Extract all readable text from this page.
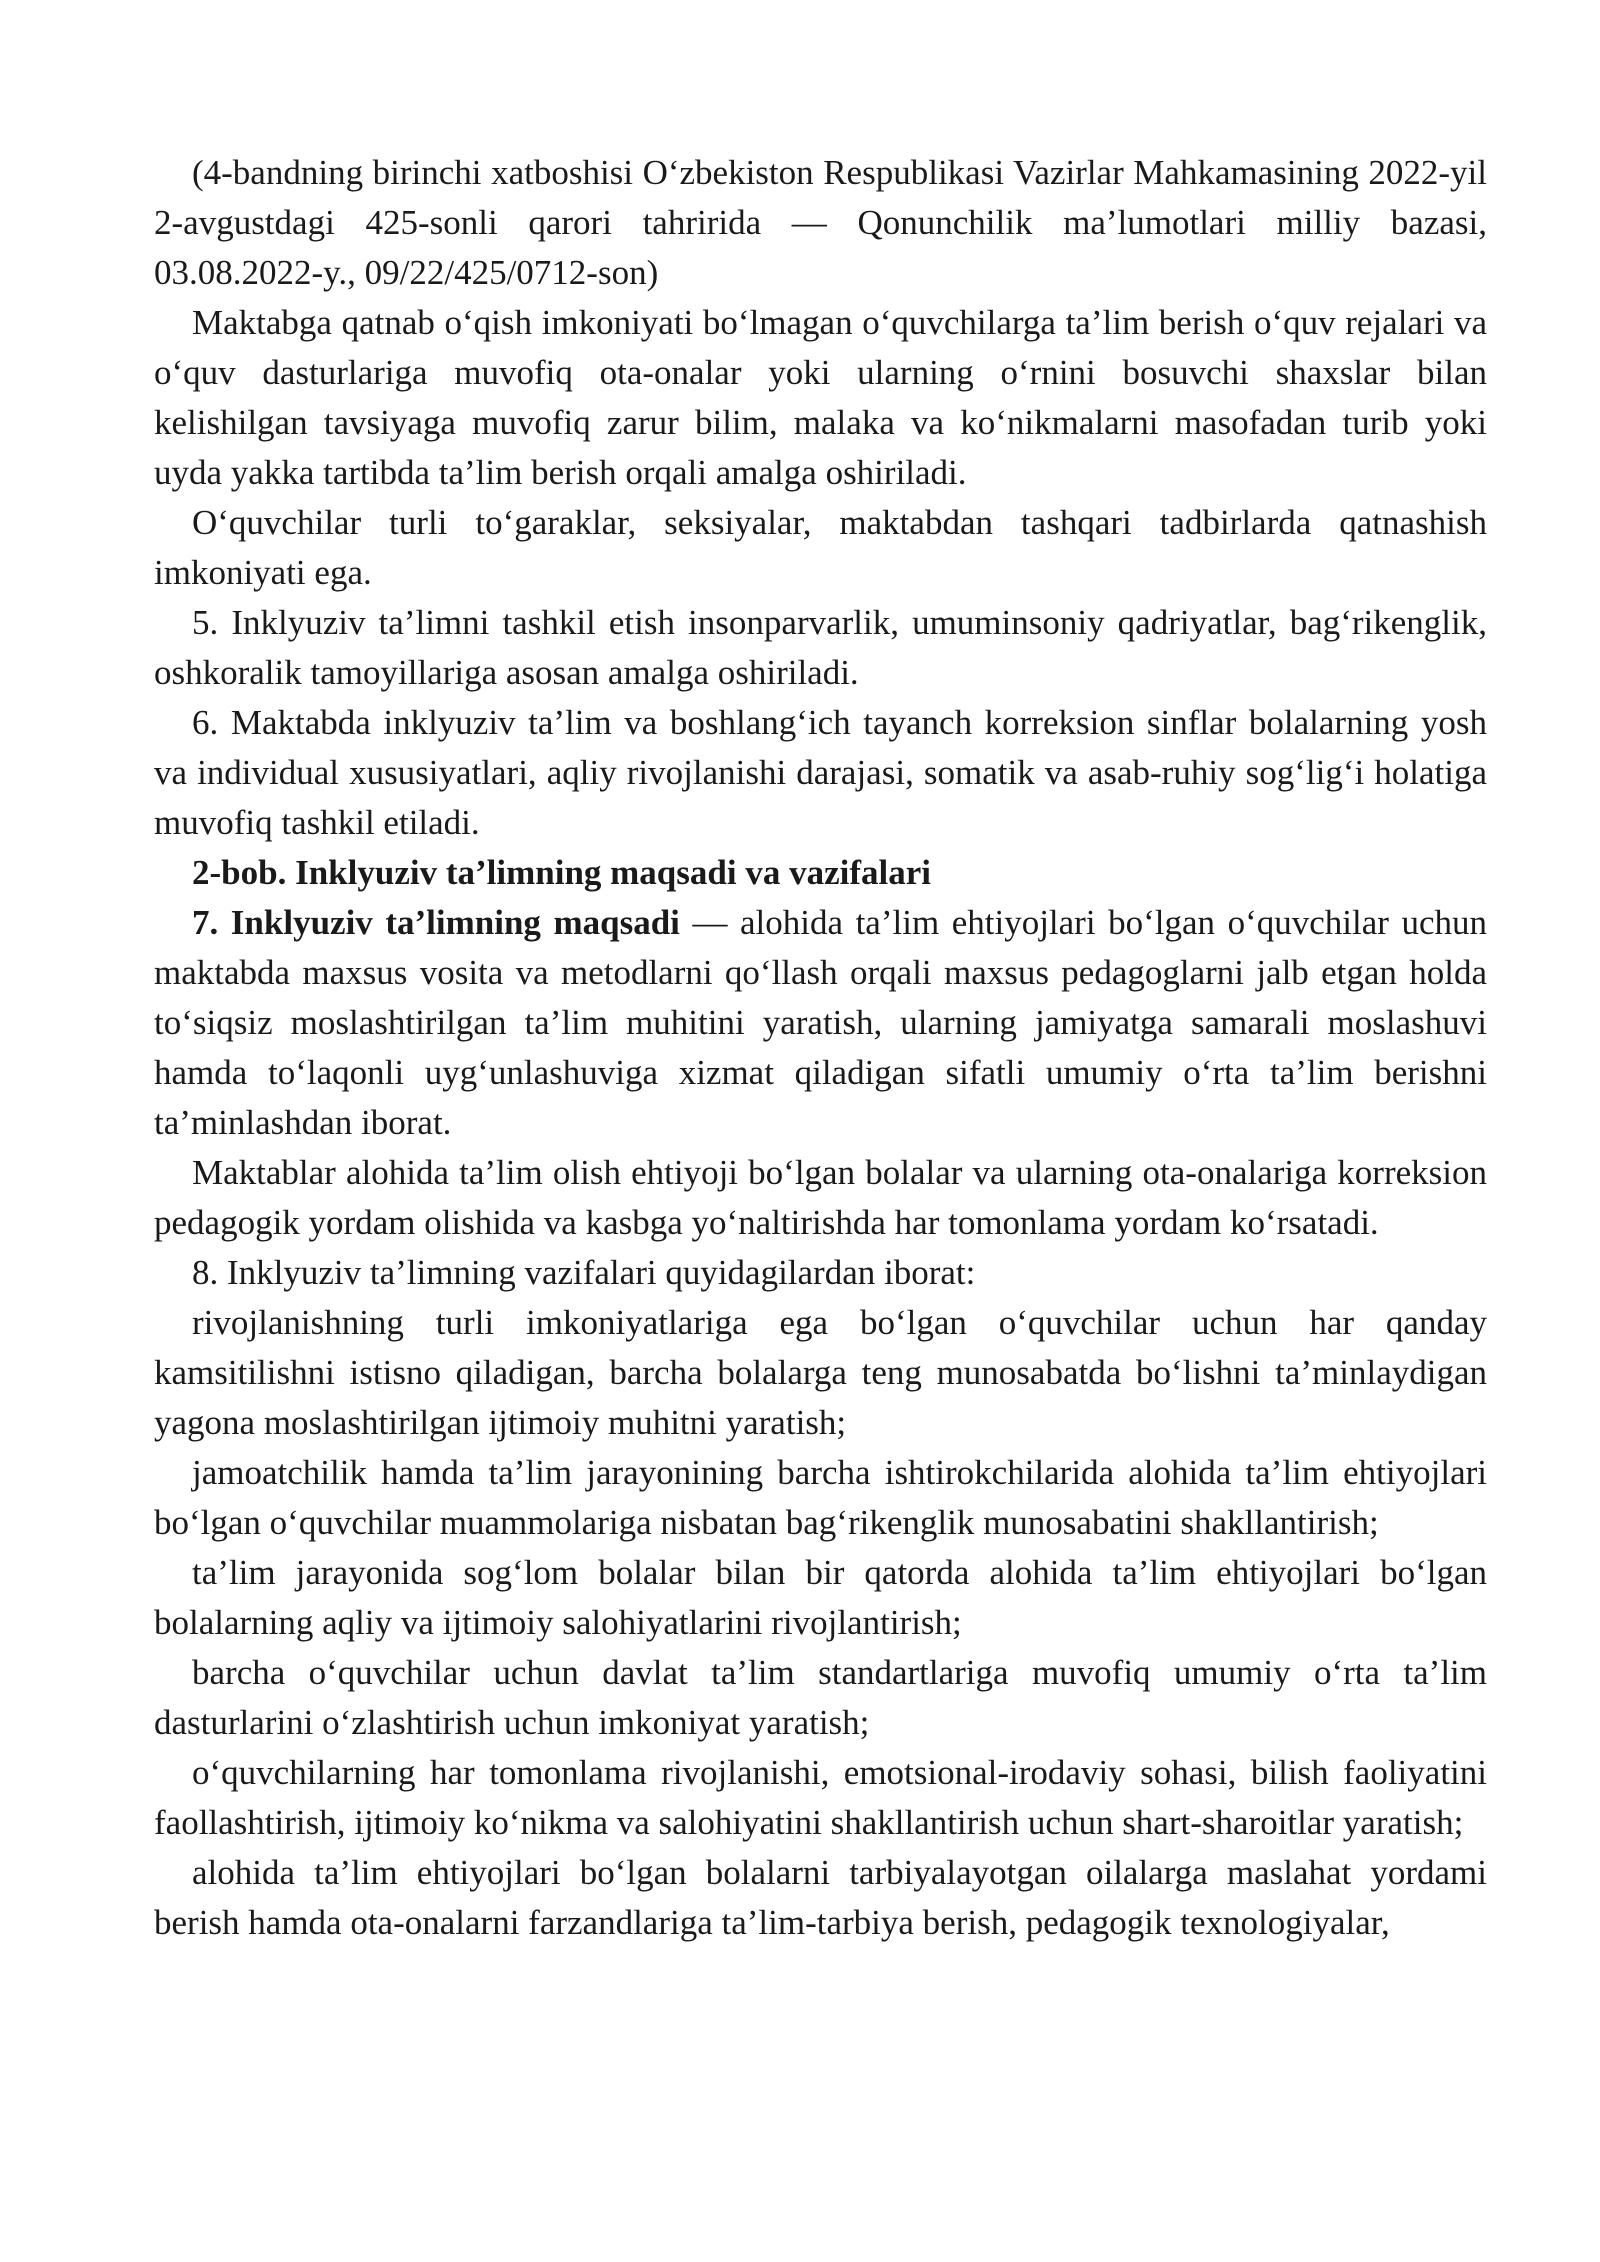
(4-bandning birinchi xatboshisi O‘zbekiston Respublikasi Vazirlar Mahkamasining 2022-yil 2-avgustdagi 425-sonli qarori tahririda — Qonunchilik ma’lumotlari milliy bazasi, 03.08.2022-y., 09/22/425/0712-son)

Maktabga qatnab o‘qish imkoniyati bo‘lmagan o‘quvchilarga ta’lim berish o‘quv rejalari va o‘quv dasturlariga muvofiq ota-onalar yoki ularning o‘rnini bosuvchi shaxslar bilan kelishilgan tavsiyaga muvofiq zarur bilim, malaka va ko‘nikmalarni masofadan turib yoki uyda yakka tartibda ta’lim berish orqali amalga oshiriladi.

O‘quvchilar turli to‘garaklar, seksiyalar, maktabdan tashqari tadbirlarda qatnashish imkoniyati ega.

5. Inklyuziv ta’limni tashkil etish insonparvarlik, umuminsoniy qadriyatlar, bag‘rikenglik, oshkoralik tamoyillariga asosan amalga oshiriladi.

6. Maktabda inklyuziv ta’lim va boshlang‘ich tayanch korreksion sinflar bolalarning yosh va individual xususiyatlari, aqliy rivojlanishi darajasi, somatik va asab-ruhiy sog‘lig‘i holatiga muvofiq tashkil etiladi.

2-bob. Inklyuziv ta’limning maqsadi va vazifalari

7. Inklyuziv ta’limning maqsadi — alohida ta’lim ehtiyojlari bo‘lgan o‘quvchilar uchun maktabda maxsus vosita va metodlarni qo‘llash orqali maxsus pedagoglarni jalb etgan holda to‘siqsiz moslashtirilgan ta’lim muhitini yaratish, ularning jamiyatga samarali moslashuvi hamda to‘laqonli uyg‘unlashuviga xizmat qiladigan sifatli umumiy o‘rta ta’lim berishni ta’minlashdan iborat.

Maktablar alohida ta’lim olish ehtiyoji bo‘lgan bolalar va ularning ota-onalariga korreksion pedagogik yordam olishida va kasbga yo‘naltirishda har tomonlama yordam ko‘rsatadi.

8. Inklyuziv ta’limning vazifalari quyidagilardan iborat:

rivojlanishning turli imkoniyatlariga ega bo‘lgan o‘quvchilar uchun har qanday kamsitilishni istisno qiladigan, barcha bolalarga teng munosabatda bo‘lishni ta’minlaydigan yagona moslashtirilgan ijtimoiy muhitni yaratish;

jamoatchilik hamda ta’lim jarayonining barcha ishtirokchilarida alohida ta’lim ehtiyojlari bo‘lgan o‘quvchilar muammolariga nisbatan bag‘rikenglik munosabatini shakllantirish;

ta’lim jarayonida sog‘lom bolalar bilan bir qatorda alohida ta’lim ehtiyojlari bo‘lgan bolalarning aqliy va ijtimoiy salohiyatlarini rivojlantirish;

barcha o‘quvchilar uchun davlat ta’lim standartlariga muvofiq umumiy o‘rta ta’lim dasturlarini o‘zlashtirish uchun imkoniyat yaratish;

o‘quvchilarning har tomonlama rivojlanishi, emotsional-irodaviy sohasi, bilish faoliyatini faollashtirish, ijtimoiy ko‘nikma va salohiyatini shakllantirish uchun shart-sharoitlar yaratish;

alohida ta’lim ehtiyojlari bo‘lgan bolalarni tarbiyalayotgan oilalarga maslahat yordami berish hamda ota-onalarni farzandlariga ta’lim-tarbiya berish, pedagogik texnologiyalar,
